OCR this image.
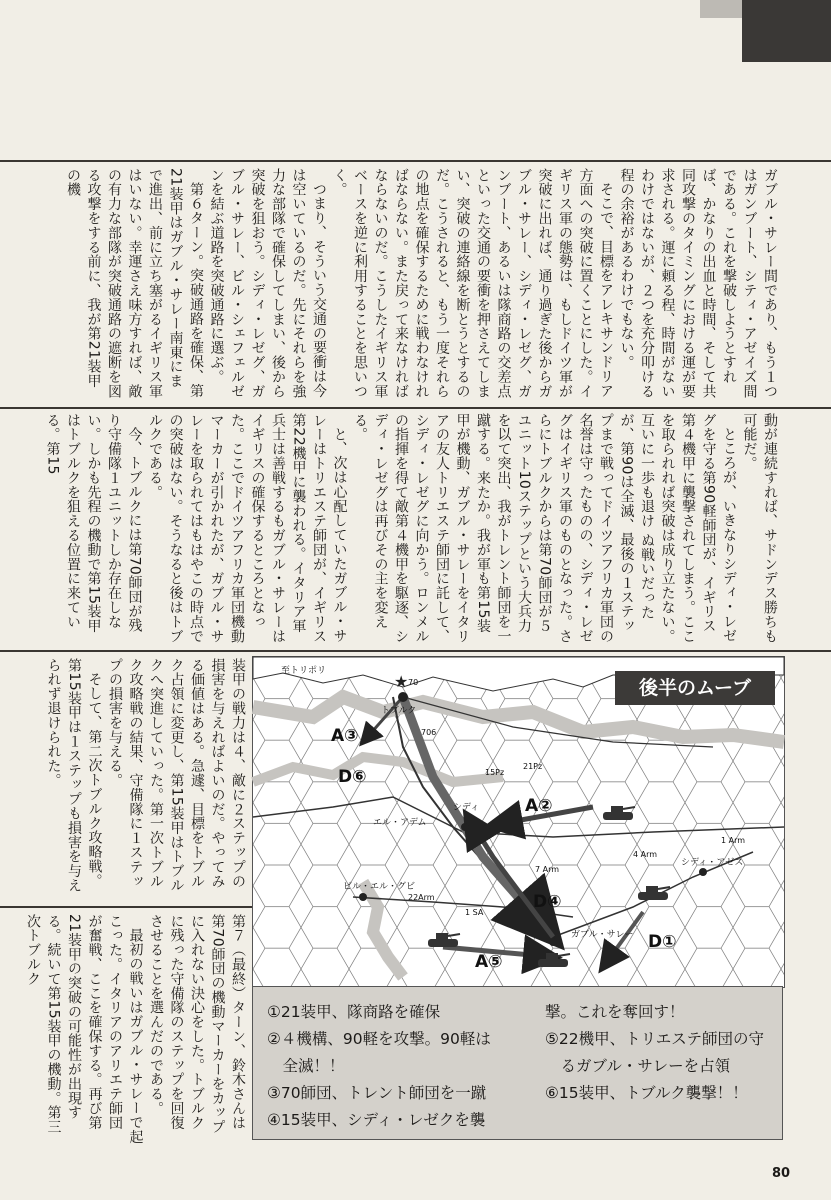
ガブル・サレー間であり、もう１つはガンブート、シティ・アゼイズ間である。これを撃破しようとすれば、かなりの出血と時間、そして共同攻撃のタイミングにおける運が要求される。運に頼る程、時間がないわけではないが、２つを充分叩ける程の余裕があるわけでもない。

そこで、目標をアレキサンドリア方面への突破に置くことにした。イギリス軍の態勢は、もしドイツ軍が突破に出れば、通り過ぎた後からガブル・サレー、シディ・レゼグ、ガンブート、あるいは隊商路の交差点といった交通の要衝を押さえてしまい、突破の連絡線を断とうとするのだ。こうされると、もう一度それらの地点を確保するために戦わなければならない。また戻って来なければならないのだ。こうしたイギリス軍ベースを逆に利用することを思いつく。

つまり、そういう交通の要衝は今は空いているのだ。先にそれらを強力な部隊で確保してしまい、後から突破を狙おう。シディ・レゼグ、ガブル・サレー、ビル・シェフェルゼンを結ぶ道路を突破通路に選ぶ。

第６ターン。突破通路を確保、第21装甲はガブル・サレー南東にまで進出、前に立ち塞がるイギリス軍はいない。幸運さえ味方すれば、敵の有力な部隊が突破通路の遮断を図る攻撃をする前に、我が第21装甲の機

動が連続すれば、サドンデス勝ちも可能だ。

ところが、いきなりシディ・レゼグを守る第90軽師団が、イギリス第４機甲に襲撃されてしまう。ここを取られれば突破は成り立たない。互いに一歩も退け ぬ戦いだったが、第90は全滅、最後の１ステップまで戦ってドイツアフリカ軍団の名誉は守ったものの、シディ・レゼグはイギリス軍のものとなった。さらにトブルクからは第70師団が５ユニット10ステップという大兵力を以て突出、我がトレント師団を一蹴する。来たか。我が軍も第15装甲が機動、ガブル・サレーをイタリアの友人トリエステ師団に託して、シディ・レゼグに向かう。ロンメルの指揮を得て敵第４機甲を駆逐、シディ・レゼグは再びその主を変える。

と、次は心配していたガブル・サレーはトリエステ師団が、イギリス第22機甲に襲われる。イタリア軍兵士は善戦するもガブル・サレーはイギリスの確保するところとなった。ここでドイツアフリカ軍団機動マーカーが引かれたが、ガブル・サレーを取られてはもはやこの時点での突破はない。そうなると後はトブルクである。

今、トブルクには第70師団が残り守備隊１ユニットしか存在しない。しかも先程の機動で第15装甲はトブルクを狙える位置に来ている。第15

装甲の戦力は４、敵に２ステップの損害を与えればよいのだ。やってみる価値はある。急遽、目標をトブルク占領に変更し、第15装甲はトブルクへ突進していった。第一次トブルク攻略戦の結果、守備隊に１ステップの損害を与える。

そして、第二次トブルク攻略戦。第15装甲は１ステップも損害を与えられず退けられた。

第７（最終）ターン、鈴木さんは第70師団の機動マーカーをカップに入れない決心をした。トブルクに残った守備隊のステップを回復させることを選んだのである。

最初の戦いはガブル・サレーで起こった。イタリアのアリエテ師団が奮戦、ここを確保する。再び第21装甲の突破の可能性が出現する。続いて第15装甲の機動。第三次トブルク

★
至トリポリ
トブルク
シディ
エル・アデム
シディ・アゼス
ビル・エル・グビ
ガブル・サレー
70
706
15Pz
21Pz
4 Arm
7 Arm
1 Arm
22Arm
1 SA
A③
D⑥
A②
D④
A⑤
D①
後半のムーブ
①21装甲、隊商路を確保
②４機構、90軽を攻撃。90軽は
　全滅！！
③70師団、トレント師団を一蹴
④15装甲、シディ・レゼクを襲
撃。これを奪回す！
⑤22機甲、トリエステ師団の守
　るガブル・サレーを占領
⑥15装甲、トブルク襲撃！！
80
